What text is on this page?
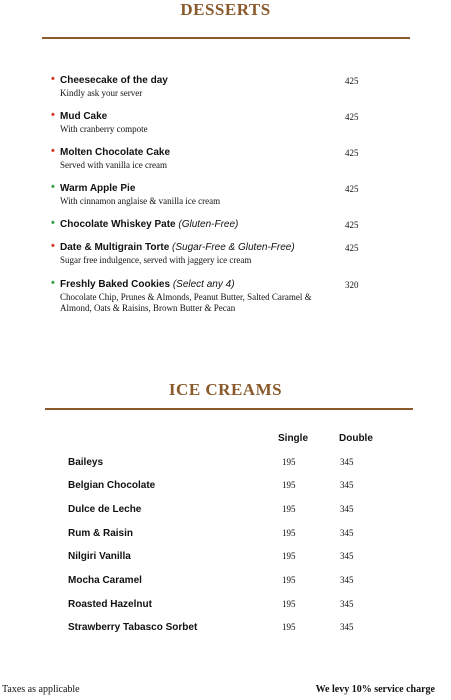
DESSERTS
• Cheesecake of the day
Kindly ask your server
425
• Mud Cake
With cranberry compote
425
• Molten Chocolate Cake
Served with vanilla ice cream
425
• Warm Apple Pie
With cinnamon anglaise & vanilla ice cream
425
• Chocolate Whiskey Pate (Gluten-Free)	425
• Date & Multigrain Torte (Sugar-Free & Gluten-Free)
Sugar free indulgence, served with jaggery ice cream
425
• Freshly Baked Cookies (Select any 4)
Chocolate Chip, Prunes & Almonds, Peanut Butter, Salted Caramel & Almond, Oats & Raisins, Brown Butter & Pecan
320
ICE CREAMS
Single	Double
Baileys	195	345
Belgian Chocolate	195	345
Dulce de Leche	195	345
Rum & Raisin	195	345
Nilgiri Vanilla	195	345
Mocha Caramel	195	345
Roasted Hazelnut	195	345
Strawberry Tabasco Sorbet	195	345
Taxes as applicable	We levy 10% service charge
